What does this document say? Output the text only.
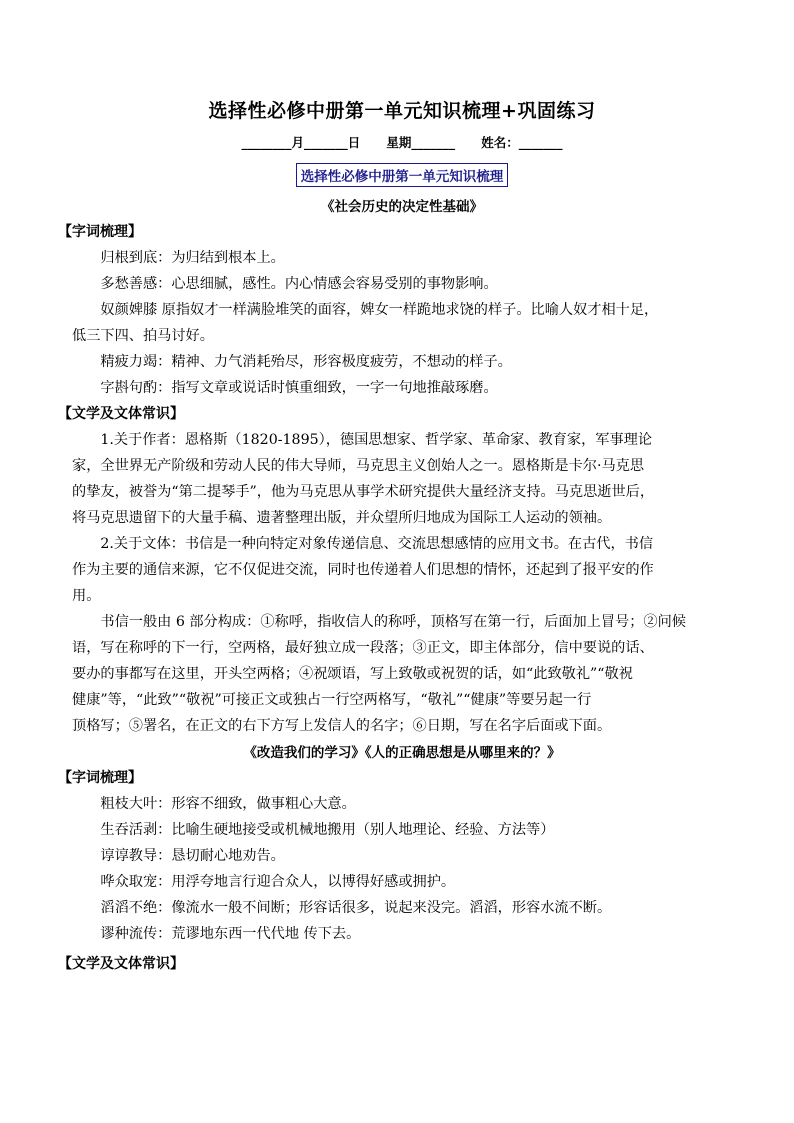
选择性必修中册第一单元知识梳理+巩固练习
________月_______日      星期_______      姓名：_______
选择性必修中册第一单元知识梳理
《社会历史的决定性基础》
【字词梳理】

归根到底：为归结到根本上。

多愁善感：心思细腻，感性。内心情感会容易受别的事物影响。

奴颜婢膝 原指奴才一样满脸堆笑的面容，婢女一样跪地求饶的样子。比喻人奴才相十足，

低三下四、拍马讨好。

精疲力竭：精神、力气消耗殆尽，形容极度疲劳，不想动的样子。

字斟句酌：指写文章或说话时慎重细致，一字一句地推敲琢磨。

【文学及文体常识】

1.关于作者：恩格斯（1820-1895），德国思想家、哲学家、革命家、教育家，军事理论

家，全世界无产阶级和劳动人民的伟大导师，马克思主义创始人之一。恩格斯是卡尔·马克思

的挚友，被誉为“第二提琴手”，他为马克思从事学术研究提供大量经济支持。马克思逝世后，

将马克思遗留下的大量手稿、遗著整理出版，并众望所归地成为国际工人运动的领袖。

2.关于文体：书信是一种向特定对象传递信息、交流思想感情的应用文书。在古代，书信

作为主要的通信来源，它不仅促进交流，同时也传递着人们思想的情怀，还起到了报平安的作

用。

书信一般由 6 部分构成：①称呼，指收信人的称呼，顶格写在第一行，后面加上冒号；②问候

语，写在称呼的下一行，空两格，最好独立成一段落；③正文，即主体部分，信中要说的话、

要办的事都写在这里，开头空两格；④祝颂语，写上致敬或祝贺的话，如“此致敬礼”“敬祝

健康”等，“此致”“敬祝”可接正文或独占一行空两格写，“敬礼”“健康”等要另起一行

顶格写；⑤署名，在正文的右下方写上发信人的名字；⑥日期，写在名字后面或下面。

《改造我们的学习》《人的正确思想是从哪里来的？》
【字词梳理】

粗枝大叶：形容不细致，做事粗心大意。

生吞活剥：比喻生硬地接受或机械地搬用（别人地理论、经验、方法等）

谆谆教导：恳切耐心地劝告。

哗众取宠：用浮夸地言行迎合众人，以博得好感或拥护。

滔滔不绝：像流水一般不间断；形容话很多，说起来没完。滔滔，形容水流不断。

谬种流传：荒谬地东西一代代地 传下去。

【文学及文体常识】
